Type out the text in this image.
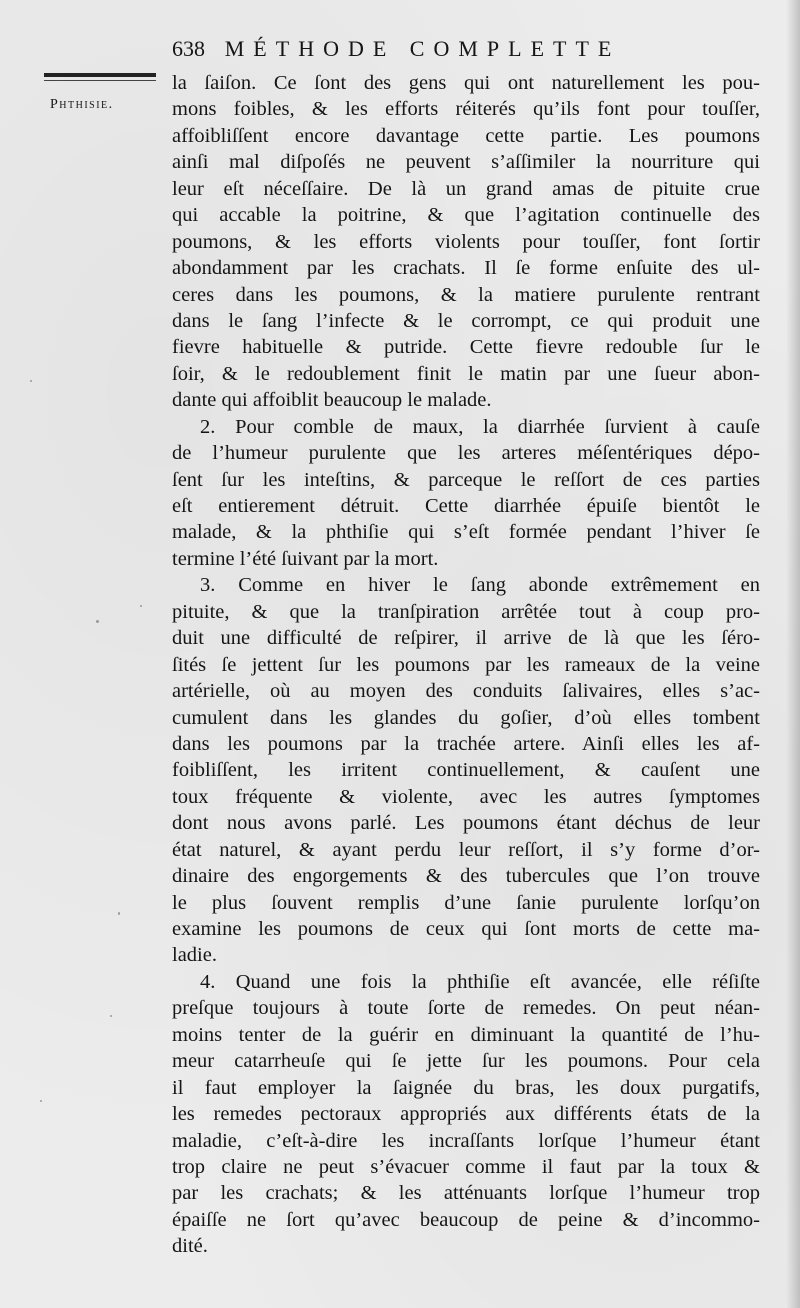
638 MÉTHODE COMPLETTE
Phthisie.
la ſaiſon. Ce ſont des gens qui ont naturellement les pou-
mons foibles, & les efforts réiterés qu’ils font pour touſſer,
affoibliſſent encore davantage cette partie. Les poumons
ainſi mal diſpoſés ne peuvent s’aſſimiler la nourriture qui
leur eſt néceſſaire. De là un grand amas de pituite crue
qui accable la poitrine, & que l’agitation continuelle des
poumons, & les efforts violents pour touſſer, font ſortir
abondamment par les crachats. Il ſe forme enſuite des ul-
ceres dans les poumons, & la matiere purulente rentrant
dans le ſang l’infecte & le corrompt, ce qui produit une
fievre habituelle & putride. Cette fievre redouble ſur le
ſoir, & le redoublement finit le matin par une ſueur abon-
dante qui affoiblit beaucoup le malade.
2. Pour comble de maux, la diarrhée ſurvient à cauſe
de l’humeur purulente que les arteres méſentériques dépo-
ſent ſur les inteſtins, & parceque le reſſort de ces parties
eſt entierement détruit. Cette diarrhée épuiſe bientôt le
malade, & la phthiſie qui s’eſt formée pendant l’hiver ſe
termine l’été ſuivant par la mort.
3. Comme en hiver le ſang abonde extrêmement en
pituite, & que la tranſpiration arrêtée tout à coup pro-
duit une difficulté de reſpirer, il arrive de là que les ſéro-
ſités ſe jettent ſur les poumons par les rameaux de la veine
artérielle, où au moyen des conduits ſalivaires, elles s’ac-
cumulent dans les glandes du goſier, d’où elles tombent
dans les poumons par la trachée artere. Ainſi elles les af-
foibliſſent, les irritent continuellement, & cauſent une
toux fréquente & violente, avec les autres ſymptomes
dont nous avons parlé. Les poumons étant déchus de leur
état naturel, & ayant perdu leur reſſort, il s’y forme d’or-
dinaire des engorgements & des tubercules que l’on trouve
le plus ſouvent remplis d’une ſanie purulente lorſqu’on
examine les poumons de ceux qui ſont morts de cette ma-
ladie.
4. Quand une fois la phthiſie eſt avancée, elle réſiſte
preſque toujours à toute ſorte de remedes. On peut néan-
moins tenter de la guérir en diminuant la quantité de l’hu-
meur catarrheuſe qui ſe jette ſur les poumons. Pour cela
il faut employer la ſaignée du bras, les doux purgatifs,
les remedes pectoraux appropriés aux différents états de la
maladie, c’eſt-à-dire les incraſſants lorſque l’humeur étant
trop claire ne peut s’évacuer comme il faut par la toux &
par les crachats; & les atténuants lorſque l’humeur trop
épaiſſe ne ſort qu’avec beaucoup de peine & d’incommo-
dité.
